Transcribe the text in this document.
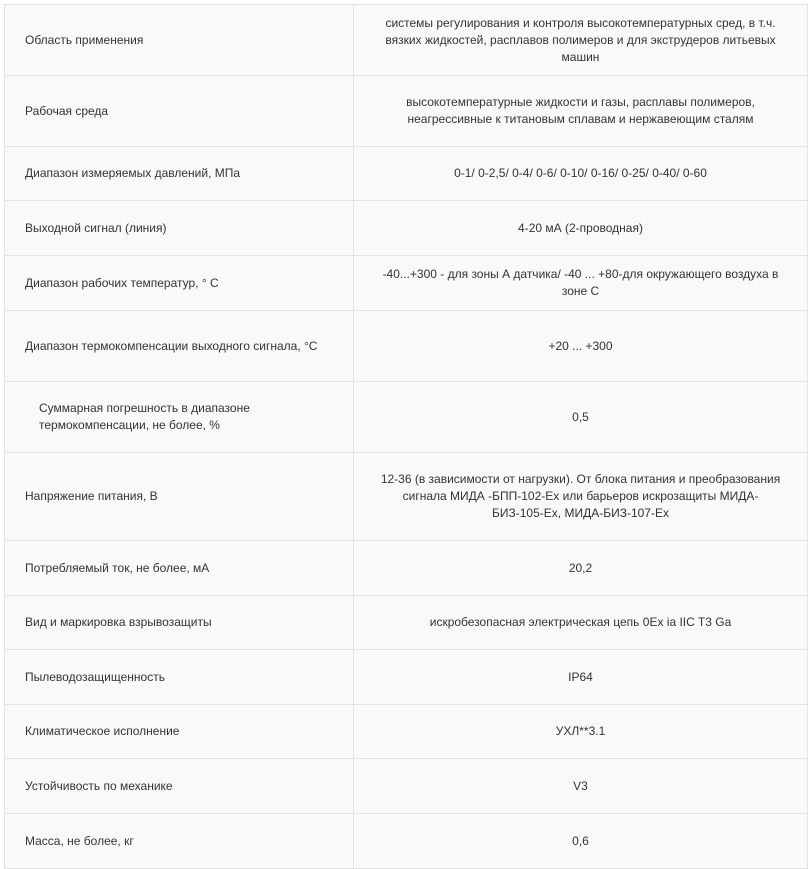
Область применения	системы регулирования и контроля высокотемпературных сред, в т.ч. вязких жидкостей, расплавов полимеров и для экструдеров литьевых машин
Рабочая среда	высокотемпературные жидкости и газы, расплавы полимеров, неагрессивные к титановым сплавам и нержавеющим сталям
Диапазон измеряемых давлений, МПа	0-1/ 0-2,5/ 0-4/ 0-6/ 0-10/ 0-16/ 0-25/ 0-40/ 0-60
Выходной сигнал (линия)	4-20 мА (2-проводная)
Диапазон рабочих температур, ° С	-40...+300 - для зоны А датчика/ -40 ... +80-для окружающего воздуха в зоне С
Диапазон термокомпенсации выходного сигнала, °С	+20 ... +300

Суммарная погрешность в диапазоне термокомпенсации, не более, %	0,5
Напряжение питания, В	12-36 (в зависимости от нагрузки). От блока питания и преобразования сигнала МИДА -БПП-102-Ех или барьеров искрозащиты МИДА-БИЗ-105-Ех, МИДА-БИЗ-107-Ех
Потребляемый ток, не более, мА	20,2
Вид и маркировка взрывозащиты	искробезопасная электрическая цепь 0Ex ia IIC T3 Ga
Пылеводозащищенность	IP64
Климатическое исполнение	УХЛ**3.1
Устойчивость по механике	V3
Масса, не более, кг	0,6
